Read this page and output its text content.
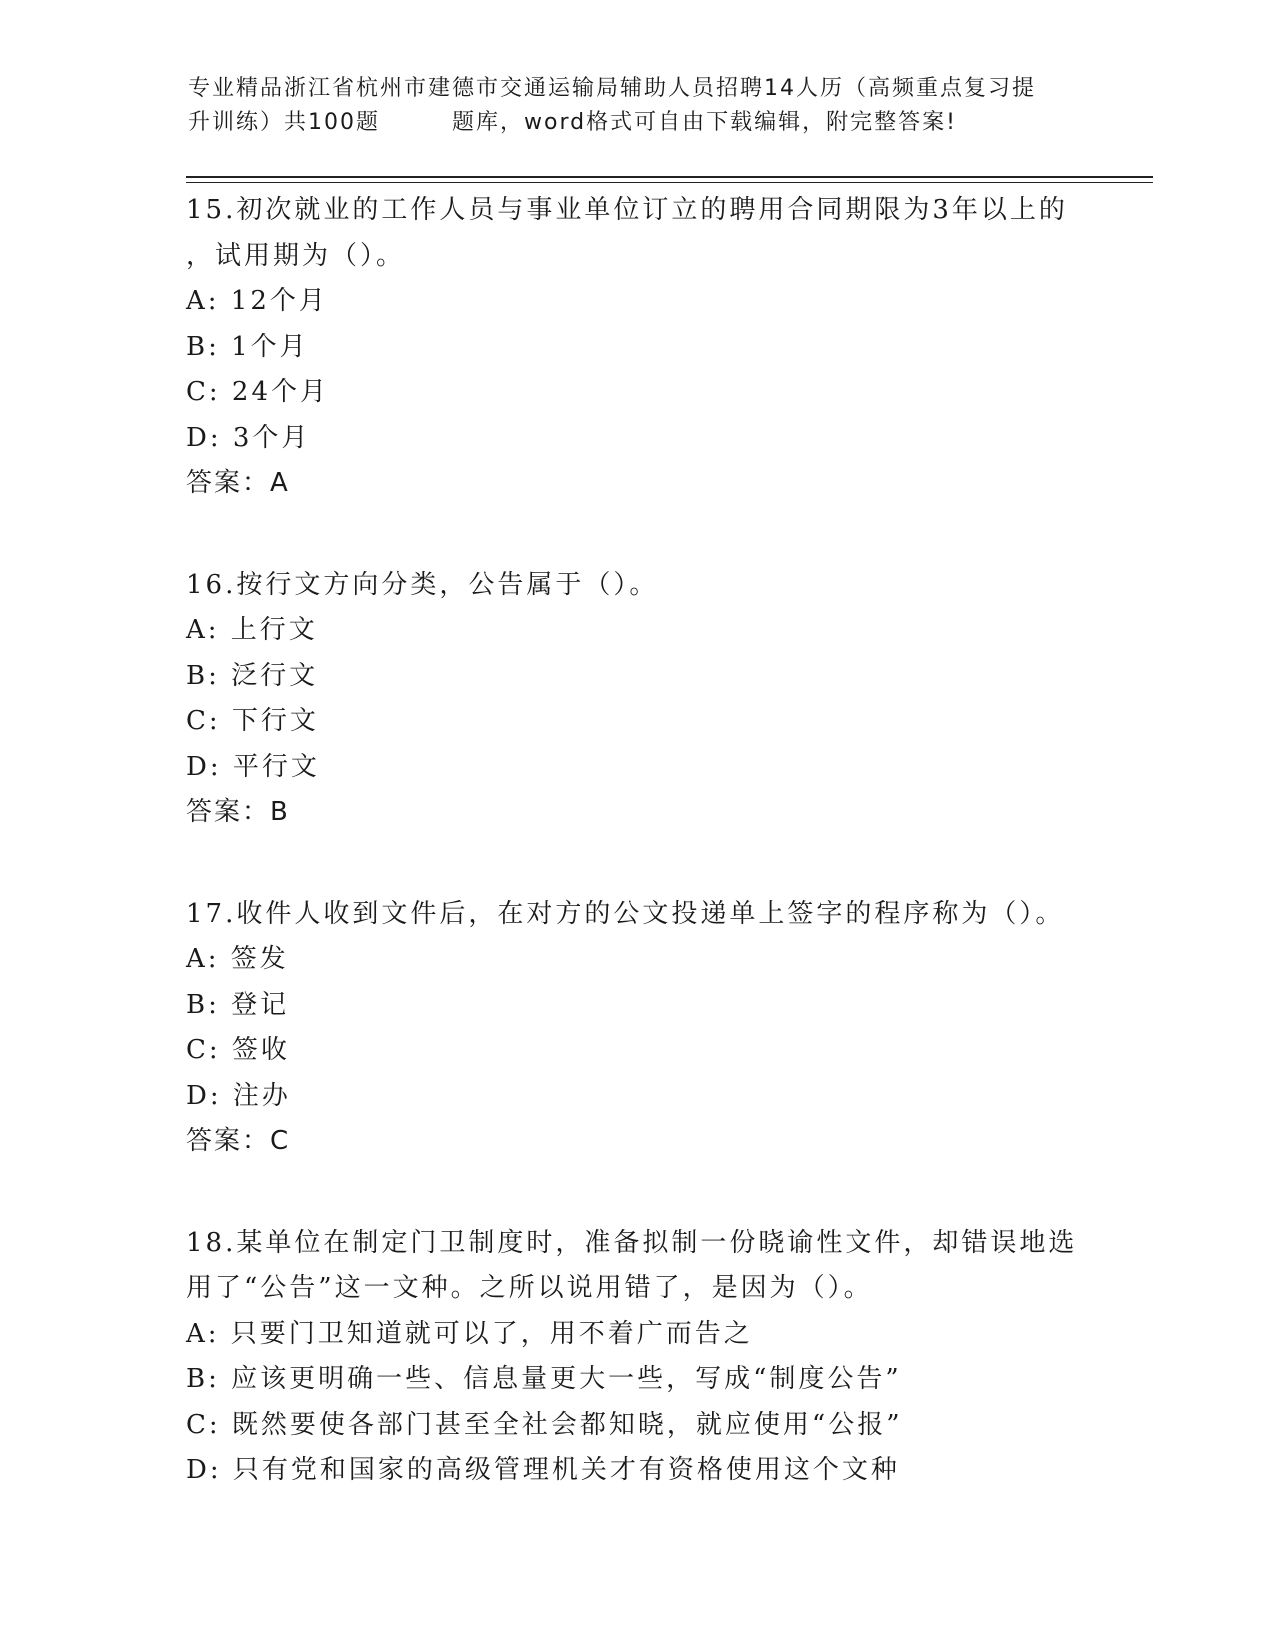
专业精品浙江省杭州市建德市交通运输局辅助人员招聘14人历（高频重点复习提
升训练）共100题	题库，word格式可自由下载编辑，附完整答案!
15.初次就业的工作人员与事业单位订立的聘用合同期限为3年以上的
，试用期为（）。
A: 12个月
B: 1个月
C: 24个月
D: 3个月
答案：A
16.按行文方向分类，公告属于（）。
A: 上行文
B: 泛行文
C: 下行文
D: 平行文
答案：B
17.收件人收到文件后，在对方的公文投递单上签字的程序称为（）。
A: 签发
B: 登记
C: 签收
D: 注办
答案：C
18.某单位在制定门卫制度时，准备拟制一份晓谕性文件，却错误地选
用了“公告”这一文种。之所以说用错了，是因为（）。
A: 只要门卫知道就可以了，用不着广而告之
B: 应该更明确一些、信息量更大一些，写成“制度公告”
C: 既然要使各部门甚至全社会都知晓，就应使用“公报”
D: 只有党和国家的高级管理机关才有资格使用这个文种
